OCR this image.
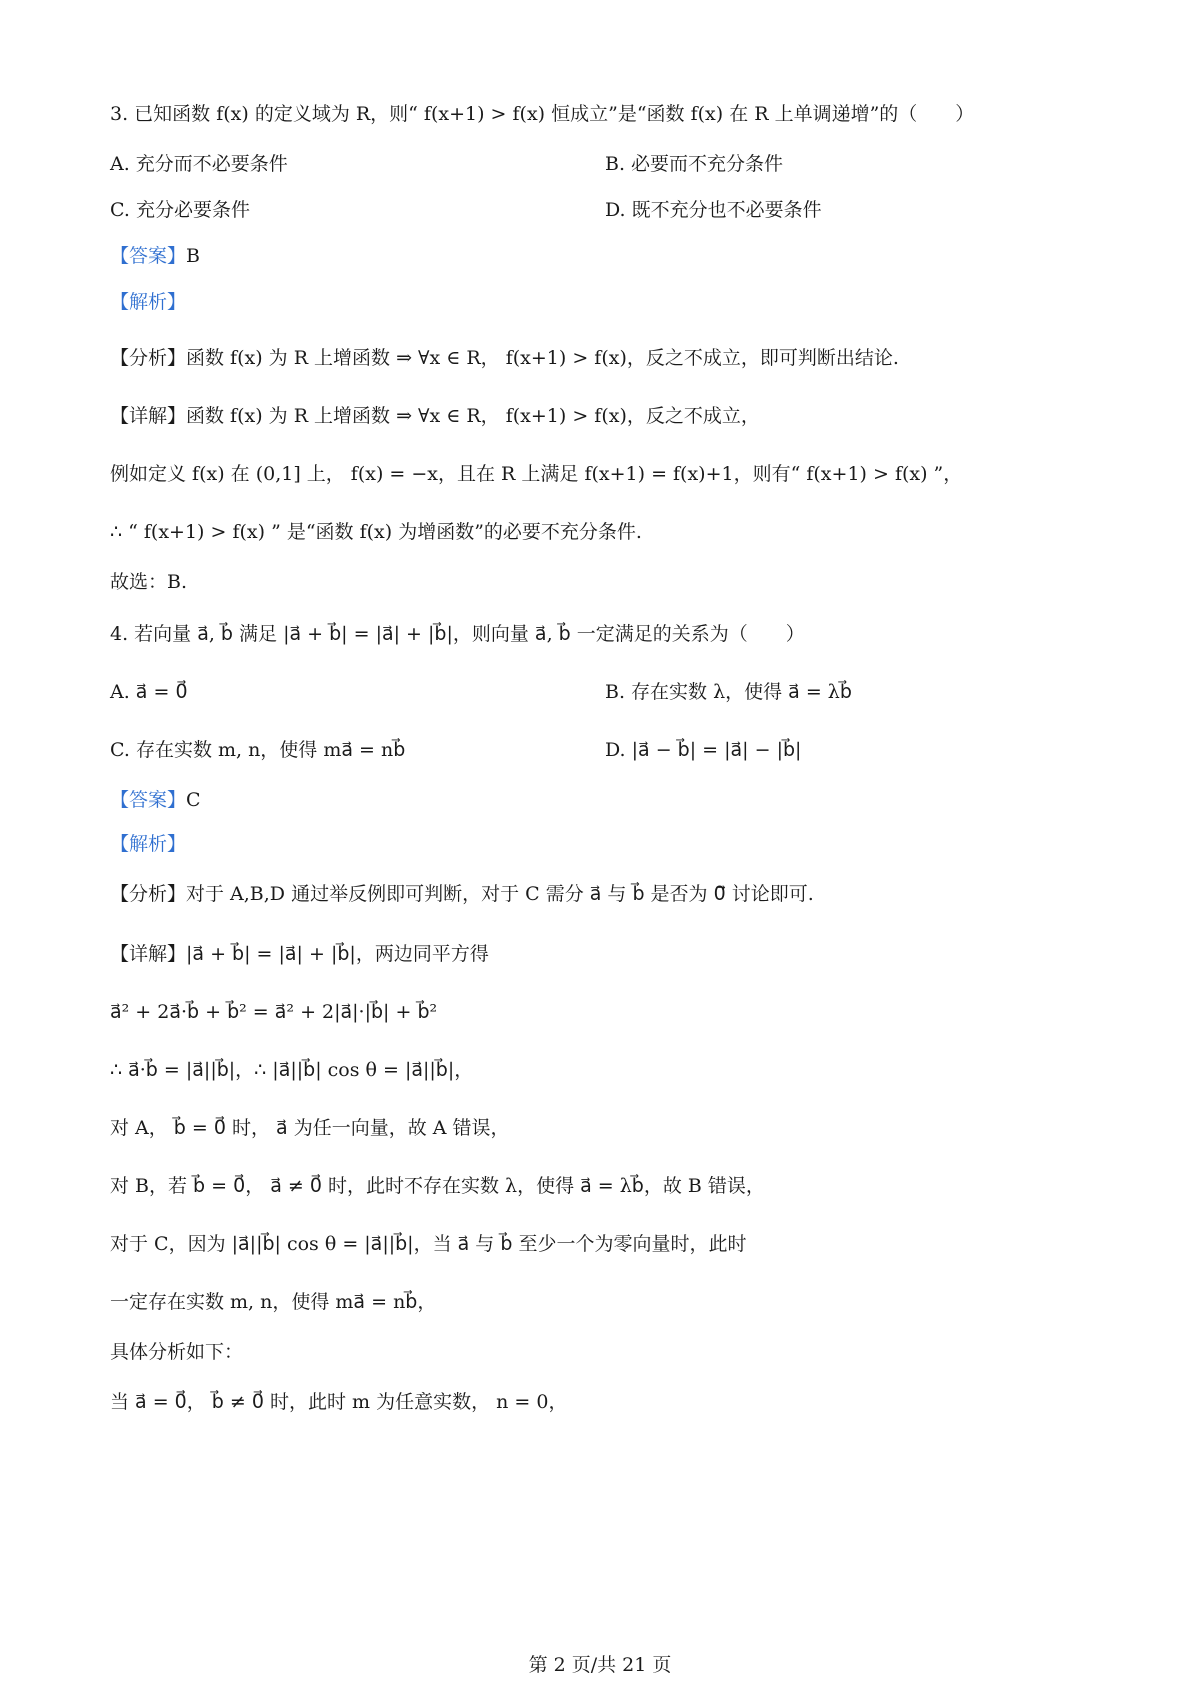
3. 已知函数 f(x) 的定义域为 R，则“ f(x+1) > f(x) 恒成立”是“函数 f(x) 在 R 上单调递增”的（　　）
A. 充分而不必要条件	B. 必要而不充分条件
C. 充分必要条件	D. 既不充分也不必要条件
【答案】B
【解析】
【分析】函数 f(x) 为 R 上增函数 ⇒ ∀x ∈ R， f(x+1) > f(x)，反之不成立，即可判断出结论.
【详解】函数 f(x) 为 R 上增函数 ⇒ ∀x ∈ R， f(x+1) > f(x)，反之不成立，
例如定义 f(x) 在 (0,1] 上， f(x) = −x，且在 R 上满足 f(x+1) = f(x)+1，则有“ f(x+1) > f(x) ”，
∴ “ f(x+1) > f(x) ” 是“函数 f(x) 为增函数”的必要不充分条件.
故选：B.
4. 若向量 a⃗, b⃗ 满足 |a⃗ + b⃗| = |a⃗| + |b⃗|，则向量 a⃗, b⃗ 一定满足的关系为（　　）
A. a⃗ = 0⃗	B. 存在实数 λ，使得 a⃗ = λb⃗
C. 存在实数 m, n，使得 ma⃗ = nb⃗	D. |a⃗ − b⃗| = |a⃗| − |b⃗|
【答案】C
【解析】
【分析】对于 A,B,D 通过举反例即可判断，对于 C 需分 a⃗ 与 b⃗ 是否为 0⃗ 讨论即可.
【详解】|a⃗ + b⃗| = |a⃗| + |b⃗|，两边同平方得
a⃗² + 2a⃗·b⃗ + b⃗² = a⃗² + 2|a⃗|·|b⃗| + b⃗²
∴ a⃗·b⃗ = |a⃗||b⃗|，∴ |a⃗||b⃗| cos θ = |a⃗||b⃗|，
对 A， b⃗ = 0⃗ 时， a⃗ 为任一向量，故 A 错误，
对 B，若 b⃗ = 0⃗， a⃗ ≠ 0⃗ 时，此时不存在实数 λ，使得 a⃗ = λb⃗，故 B 错误，
对于 C，因为 |a⃗||b⃗| cos θ = |a⃗||b⃗|，当 a⃗ 与 b⃗ 至少一个为零向量时，此时
一定存在实数 m, n，使得 ma⃗ = nb⃗，
具体分析如下：
当 a⃗ = 0⃗， b⃗ ≠ 0⃗ 时，此时 m 为任意实数， n = 0，
第 2 页/共 21 页
